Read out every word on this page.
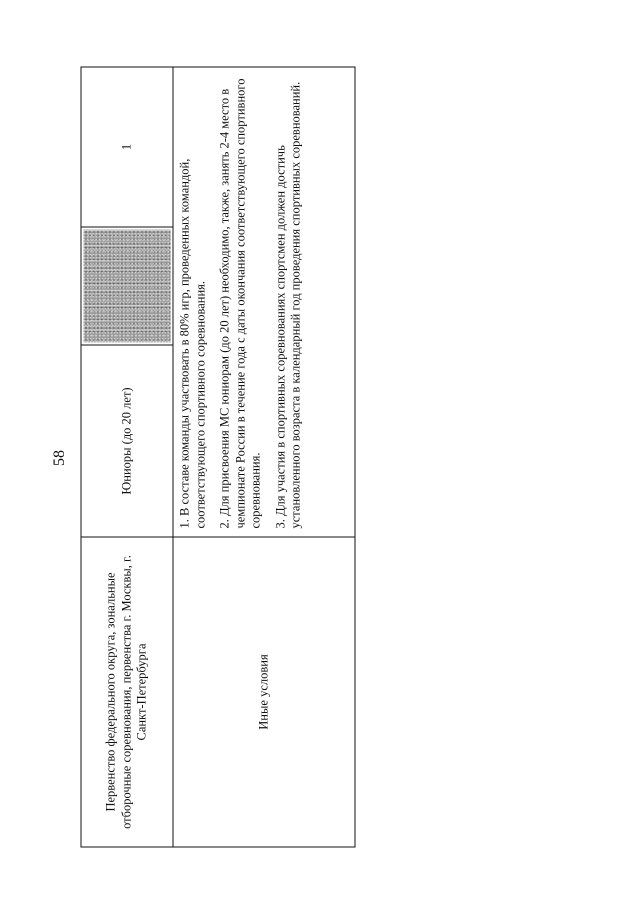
58
Первенство федерального округа, зональные отборочные соревнования, первенства г. Москвы, г. Санкт-Петербурга
Юниоры (до 20 лет)
1
Иные условия

1. В составе команды участвовать в 80% игр, проведенных командой, соответствующего спортивного соревнования. 2. Для присвоения МС юниорам (до 20 лет) необходимо, также, занять 2-4 место в чемпионате России в течение года с даты окончания соответствующего спортивного соревнования. 3. Для участия в спортивных соревнованиях спортсмен должен достичь установленного возраста в календарный год проведения спортивных соревнований.
